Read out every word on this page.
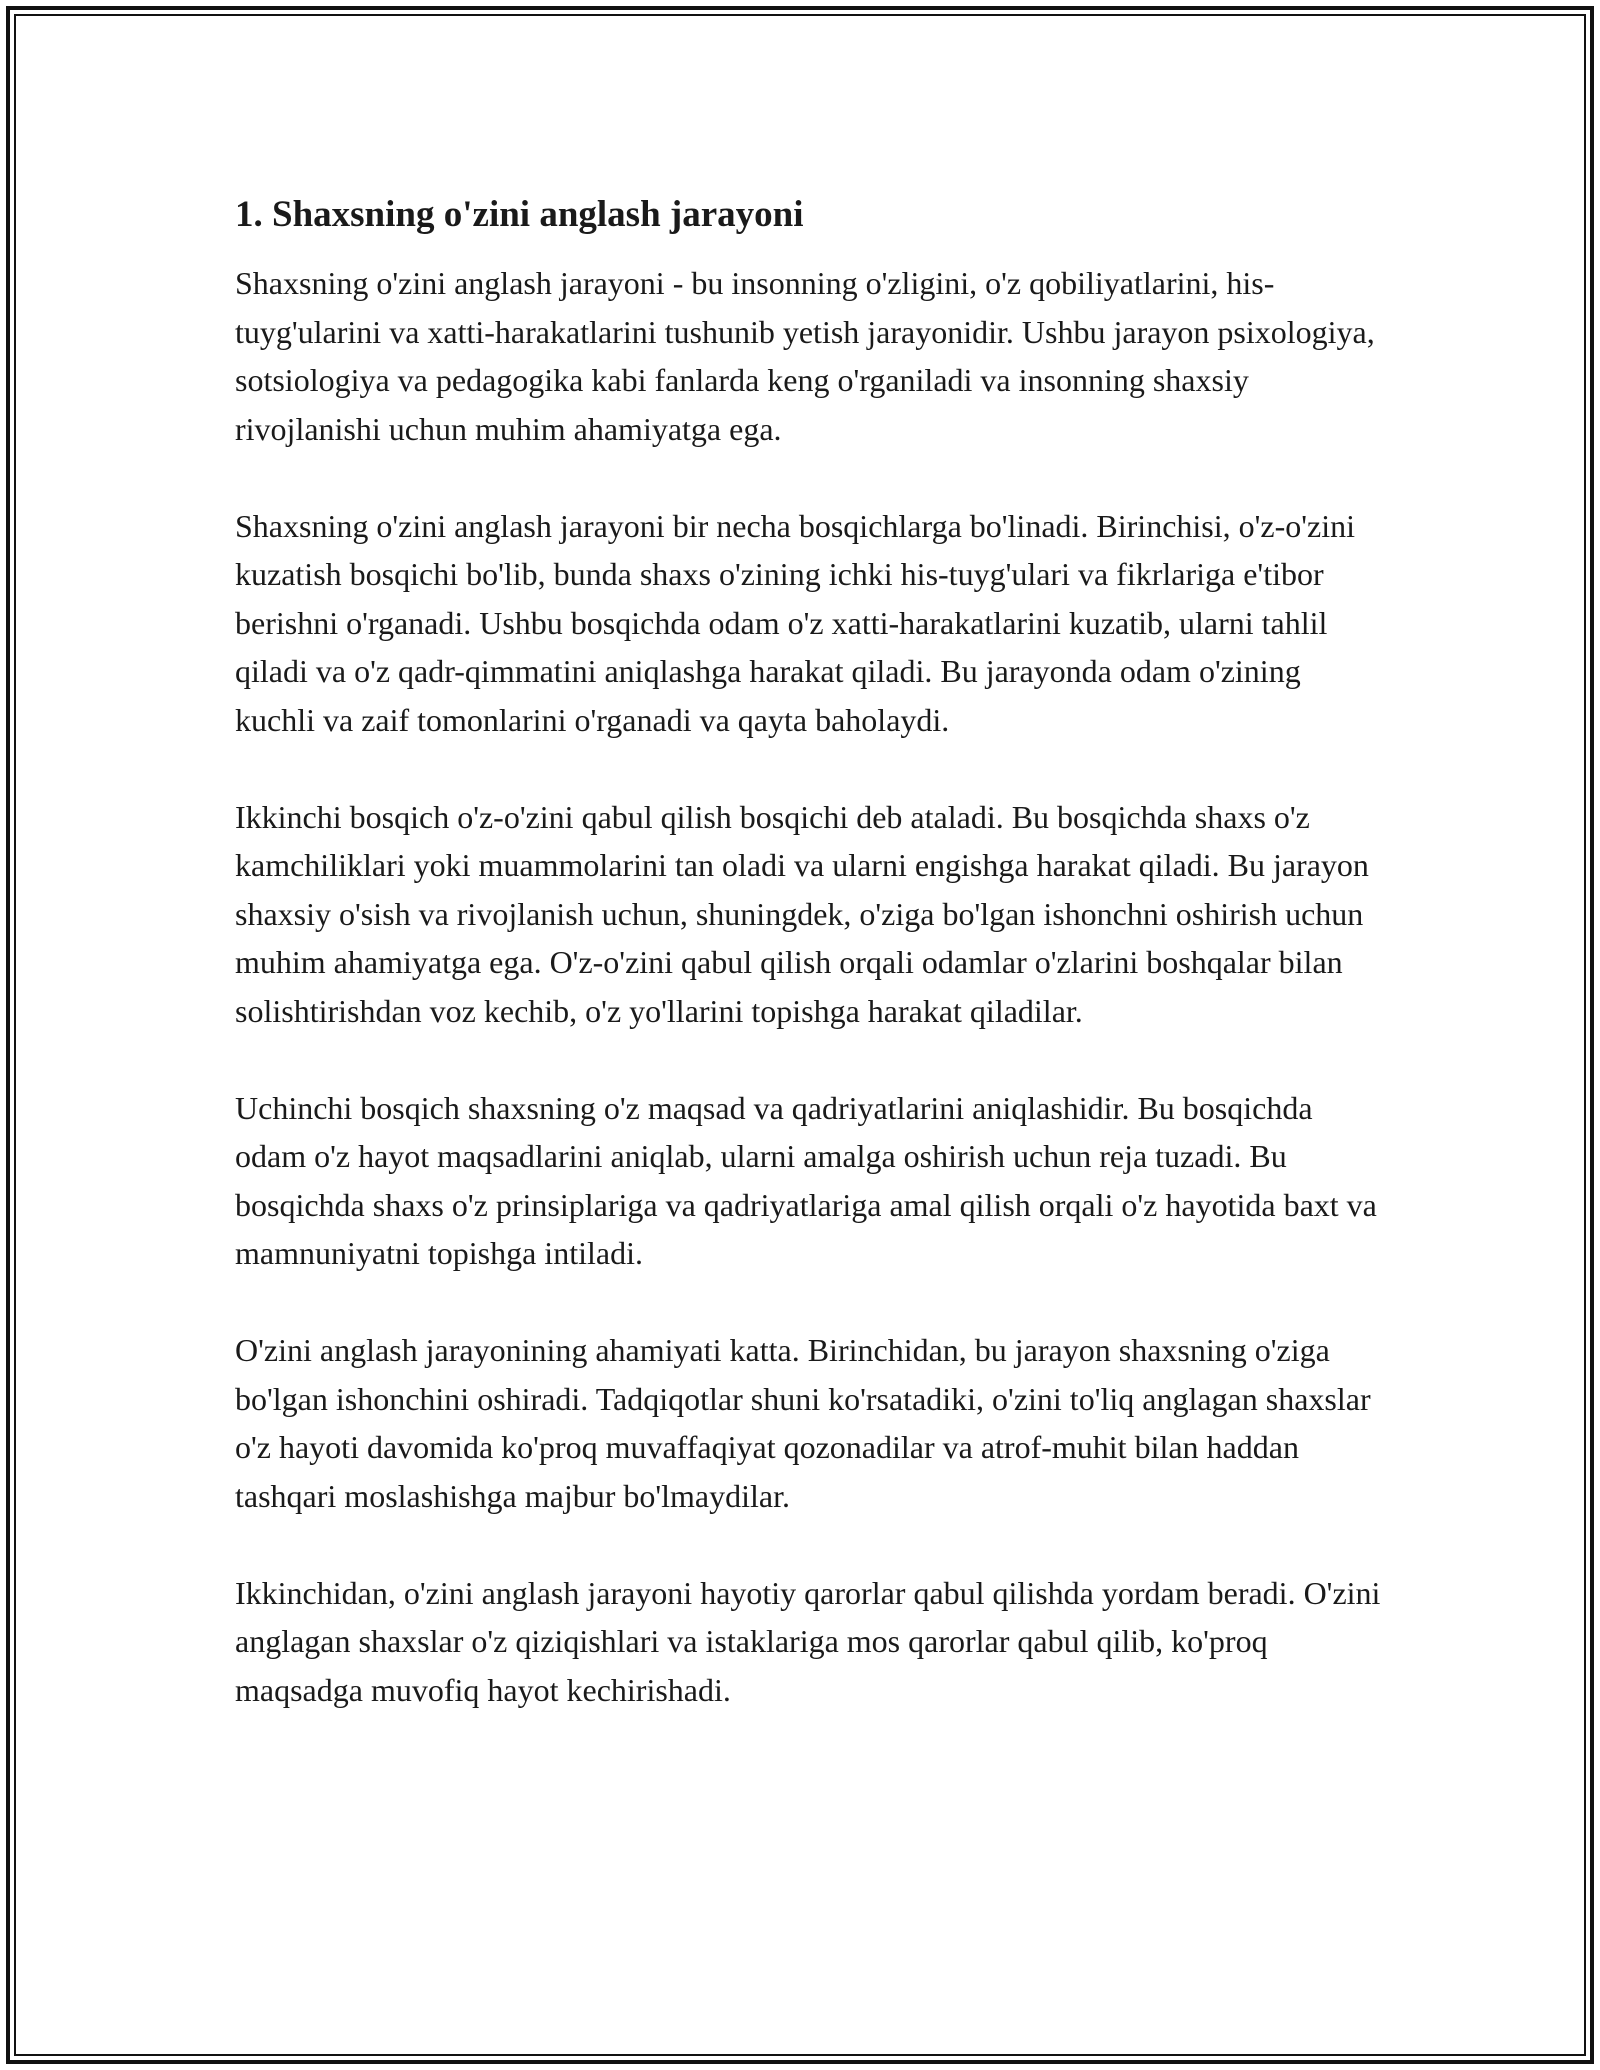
1. Shaxsning o'zini anglash jarayoni

Shaxsning o'zini anglash jarayoni - bu insonning o'zligini, o'z qobiliyatlarini, his-tuyg'ularini va xatti-harakatlarini tushunib yetish jarayonidir. Ushbu jarayon psixologiya, sotsiologiya va pedagogika kabi fanlarda keng o'rganiladi va insonning shaxsiy rivojlanishi uchun muhim ahamiyatga ega.

Shaxsning o'zini anglash jarayoni bir necha bosqichlarga bo'linadi. Birinchisi, o'z-o'zini kuzatish bosqichi bo'lib, bunda shaxs o'zining ichki his-tuyg'ulari va fikrlariga e'tibor berishni o'rganadi. Ushbu bosqichda odam o'z xatti-harakatlarini kuzatib, ularni tahlil qiladi va o'z qadr-qimmatini aniqlashga harakat qiladi. Bu jarayonda odam o'zining kuchli va zaif tomonlarini o'rganadi va qayta baholaydi.

Ikkinchi bosqich o'z-o'zini qabul qilish bosqichi deb ataladi. Bu bosqichda shaxs o'z kamchiliklari yoki muammolarini tan oladi va ularni engishga harakat qiladi. Bu jarayon shaxsiy o'sish va rivojlanish uchun, shuningdek, o'ziga bo'lgan ishonchni oshirish uchun muhim ahamiyatga ega. O'z-o'zini qabul qilish orqali odamlar o'zlarini boshqalar bilan solishtirishdan voz kechib, o'z yo'llarini topishga harakat qiladilar.

Uchinchi bosqich shaxsning o'z maqsad va qadriyatlarini aniqlashidir. Bu bosqichda odam o'z hayot maqsadlarini aniqlab, ularni amalga oshirish uchun reja tuzadi. Bu bosqichda shaxs o'z prinsiplariga va qadriyatlariga amal qilish orqali o'z hayotida baxt va mamnuniyatni topishga intiladi.

O'zini anglash jarayonining ahamiyati katta. Birinchidan, bu jarayon shaxsning o'ziga bo'lgan ishonchini oshiradi. Tadqiqotlar shuni ko'rsatadiki, o'zini to'liq anglagan shaxslar o'z hayoti davomida ko'proq muvaffaqiyat qozonadilar va atrof-muhit bilan haddan tashqari moslashishga majbur bo'lmaydilar.

Ikkinchidan, o'zini anglash jarayoni hayotiy qarorlar qabul qilishda yordam beradi. O'zini anglagan shaxslar o'z qiziqishlari va istaklariga mos qarorlar qabul qilib, ko'proq maqsadga muvofiq hayot kechirishadi.
